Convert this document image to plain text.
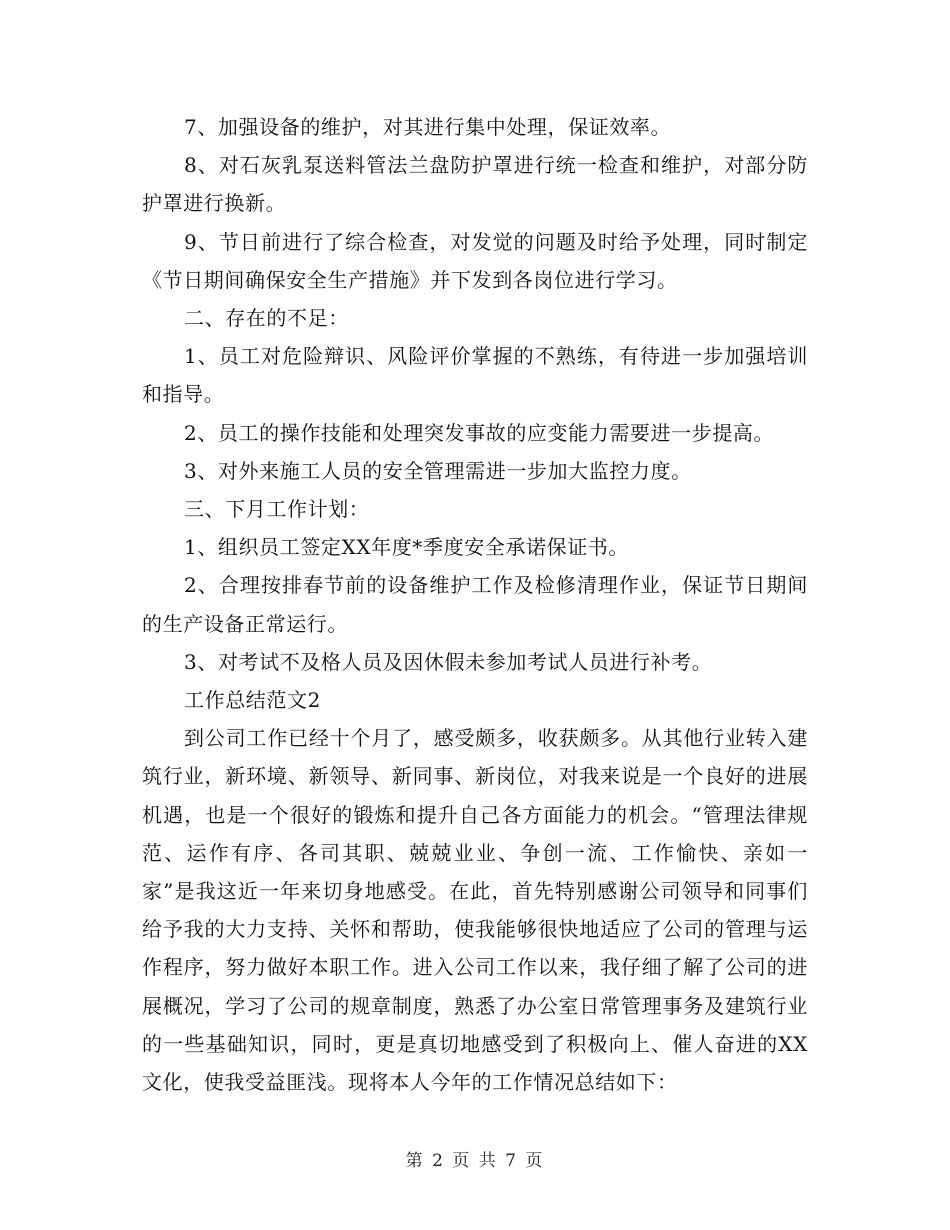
7、加强设备的维护，对其进行集中处理，保证效率。

8、对石灰乳泵送料管法兰盘防护罩进行统一检查和维护，对部分防护罩进行换新。

9、节日前进行了综合检查，对发觉的问题及时给予处理，同时制定《节日期间确保安全生产措施》并下发到各岗位进行学习。

二、存在的不足：

1、员工对危险辩识、风险评价掌握的不熟练，有待进一步加强培训和指导。

2、员工的操作技能和处理突发事故的应变能力需要进一步提高。

3、对外来施工人员的安全管理需进一步加大监控力度。

三、下月工作计划：

1、组织员工签定XX年度*季度安全承诺保证书。

2、合理按排春节前的设备维护工作及检修清理作业，保证节日期间的生产设备正常运行。

3、对考试不及格人员及因休假未参加考试人员进行补考。

工作总结范文2

到公司工作已经十个月了，感受颇多，收获颇多。从其他行业转入建筑行业，新环境、新领导、新同事、新岗位，对我来说是一个良好的进展机遇，也是一个很好的锻炼和提升自己各方面能力的机会。“管理法律规范、运作有序、各司其职、兢兢业业、争创一流、工作愉快、亲如一家”是我这近一年来切身地感受。在此，首先特别感谢公司领导和同事们给予我的大力支持、关怀和帮助，使我能够很快地适应了公司的管理与运作程序，努力做好本职工作。进入公司工作以来，我仔细了解了公司的进展概况，学习了公司的规章制度，熟悉了办公室日常管理事务及建筑行业的一些基础知识，同时，更是真切地感受到了积极向上、催人奋进的XX文化，使我受益匪浅。现将本人今年的工作情况总结如下：

第 2 页 共 7 页
